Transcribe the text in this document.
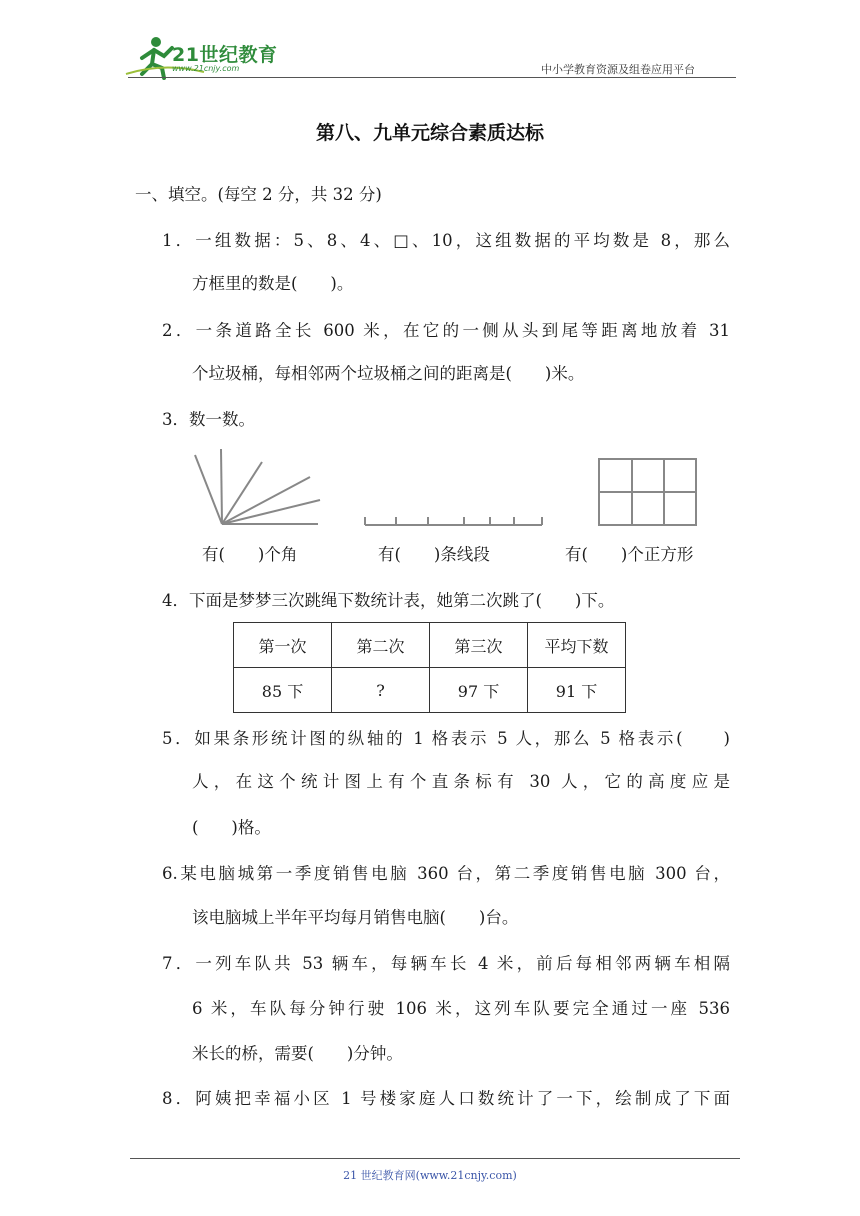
21世纪教育
www.21cnjy.com	中小学教育资源及组卷应用平台
第八、九单元综合素质达标
一、填空。(每空 2 分，共 32 分)
1．一组数据：5、8、4、□、10，这组数据的平均数是 8，那么
方框里的数是(　　)。
2．一条道路全长 600 米，在它的一侧从头到尾等距离地放着 31
个垃圾桶，每相邻两个垃圾桶之间的距离是(　　)米。
3．数一数。
有(　　)个角	有(　　)条线段	有(　　)个正方形
4．下面是梦梦三次跳绳下数统计表，她第二次跳了(　　)下。
第一次	第二次	第三次	平均下数
85 下	?	97 下	91 下
5．如果条形统计图的纵轴的 1 格表示 5 人，那么 5 格表示(　　)
人，在这个统计图上有个直条标有 30 人，它的高度应是
(　　)格。
6.某电脑城第一季度销售电脑 360 台，第二季度销售电脑 300 台，
该电脑城上半年平均每月销售电脑(　　)台。
7．一列车队共 53 辆车，每辆车长 4 米，前后每相邻两辆车相隔
6 米，车队每分钟行驶 106 米，这列车队要完全通过一座 536
米长的桥，需要(　　)分钟。
8．阿姨把幸福小区 1 号楼家庭人口数统计了一下，绘制成了下面
21 世纪教育网(www.21cnjy.com)
